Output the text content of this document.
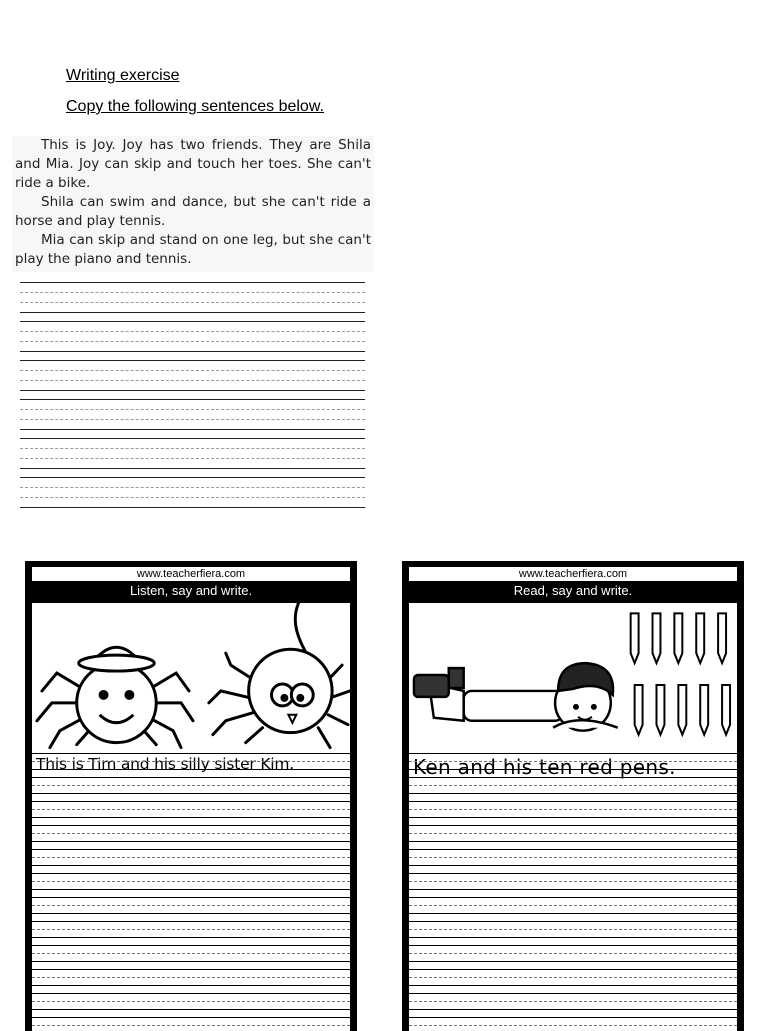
Writing exercise
Copy the following sentences below.

This is Joy. Joy has two friends. They are Shila and Mia. Joy can skip and touch her toes. She can't ride a bike.

Shila can swim and dance, but she can't ride a horse and play tennis.

Mia can skip and stand on one leg, but she can't play the piano and tennis.

www.teacherfiera.com
Listen, say and write.
This is Tim and his silly sister Kim.
www.teacherfiera.com
Read, say and write.
Ken and his ten red pens.
